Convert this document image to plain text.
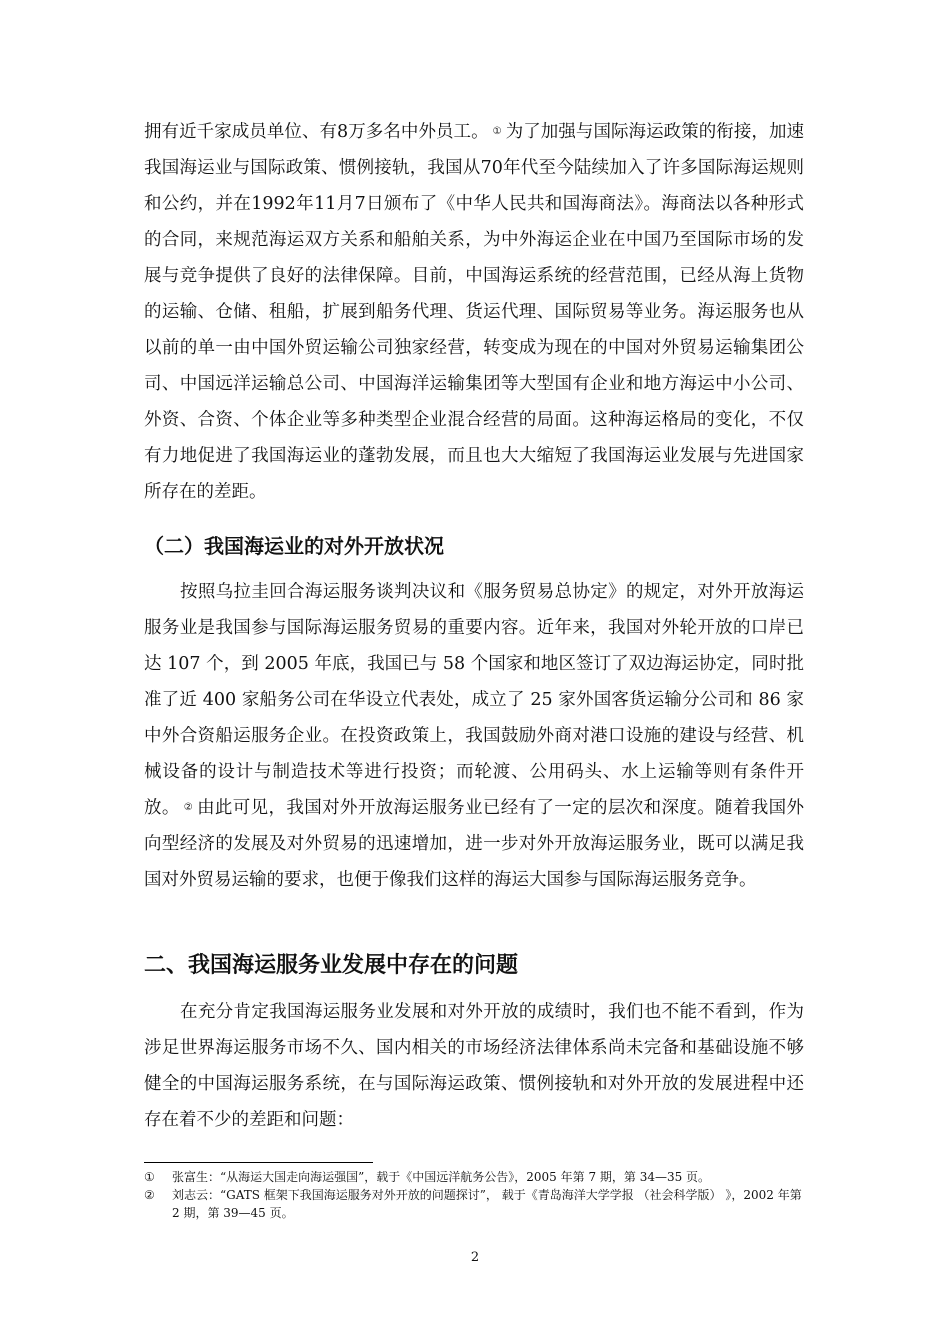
拥有近千家成员单位、有8万多名中外员工。 ① 为了加强与国际海运政策的衔接，加速我国海运业与国际政策、惯例接轨，我国从70年代至今陆续加入了许多国际海运规则和公约，并在1992年11月7日颁布了《中华人民共和国海商法》。海商法以各种形式的合同，来规范海运双方关系和船舶关系，为中外海运企业在中国乃至国际市场的发展与竞争提供了良好的法律保障。目前，中国海运系统的经营范围，已经从海上货物的运输、仓储、租船，扩展到船务代理、货运代理、国际贸易等业务。海运服务也从以前的单一由中国外贸运输公司独家经营，转变成为现在的中国对外贸易运输集团公司、中国远洋运输总公司、中国海洋运输集团等大型国有企业和地方海运中小公司、外资、合资、个体企业等多种类型企业混合经营的局面。这种海运格局的变化，不仅有力地促进了我国海运业的蓬勃发展，而且也大大缩短了我国海运业发展与先进国家所存在的差距。

（二）我国海运业的对外开放状况

按照乌拉圭回合海运服务谈判决议和《服务贸易总协定》的规定，对外开放海运服务业是我国参与国际海运服务贸易的重要内容。近年来，我国对外轮开放的口岸已达 107 个，到 2005 年底，我国已与 58 个国家和地区签订了双边海运协定，同时批准了近 400 家船务公司在华设立代表处，成立了 25 家外国客货运输分公司和 86 家中外合资船运服务企业。在投资政策上，我国鼓励外商对港口设施的建设与经营、机械设备的设计与制造技术等进行投资；而轮渡、公用码头、水上运输等则有条件开放。 ② 由此可见，我国对外开放海运服务业已经有了一定的层次和深度。随着我国外向型经济的发展及对外贸易的迅速增加，进一步对外开放海运服务业，既可以满足我国对外贸易运输的要求，也便于像我们这样的海运大国参与国际海运服务竞争。

二、我国海运服务业发展中存在的问题

在充分肯定我国海运服务业发展和对外开放的成绩时，我们也不能不看到，作为涉足世界海运服务市场不久、国内相关的市场经济法律体系尚未完备和基础设施不够健全的中国海运服务系统，在与国际海运政策、惯例接轨和对外开放的发展进程中还存在着不少的差距和问题：

① 张富生：“从海运大国走向海运强国”，载于《中国远洋航务公告》，2005 年第 7 期，第 34—35 页。

② 刘志云：“GATS 框架下我国海运服务对外开放的问题探讨”， 载于《青岛海洋大学学报 （社会科学版） 》，2002 年第 2 期，第 39—45 页。

2
